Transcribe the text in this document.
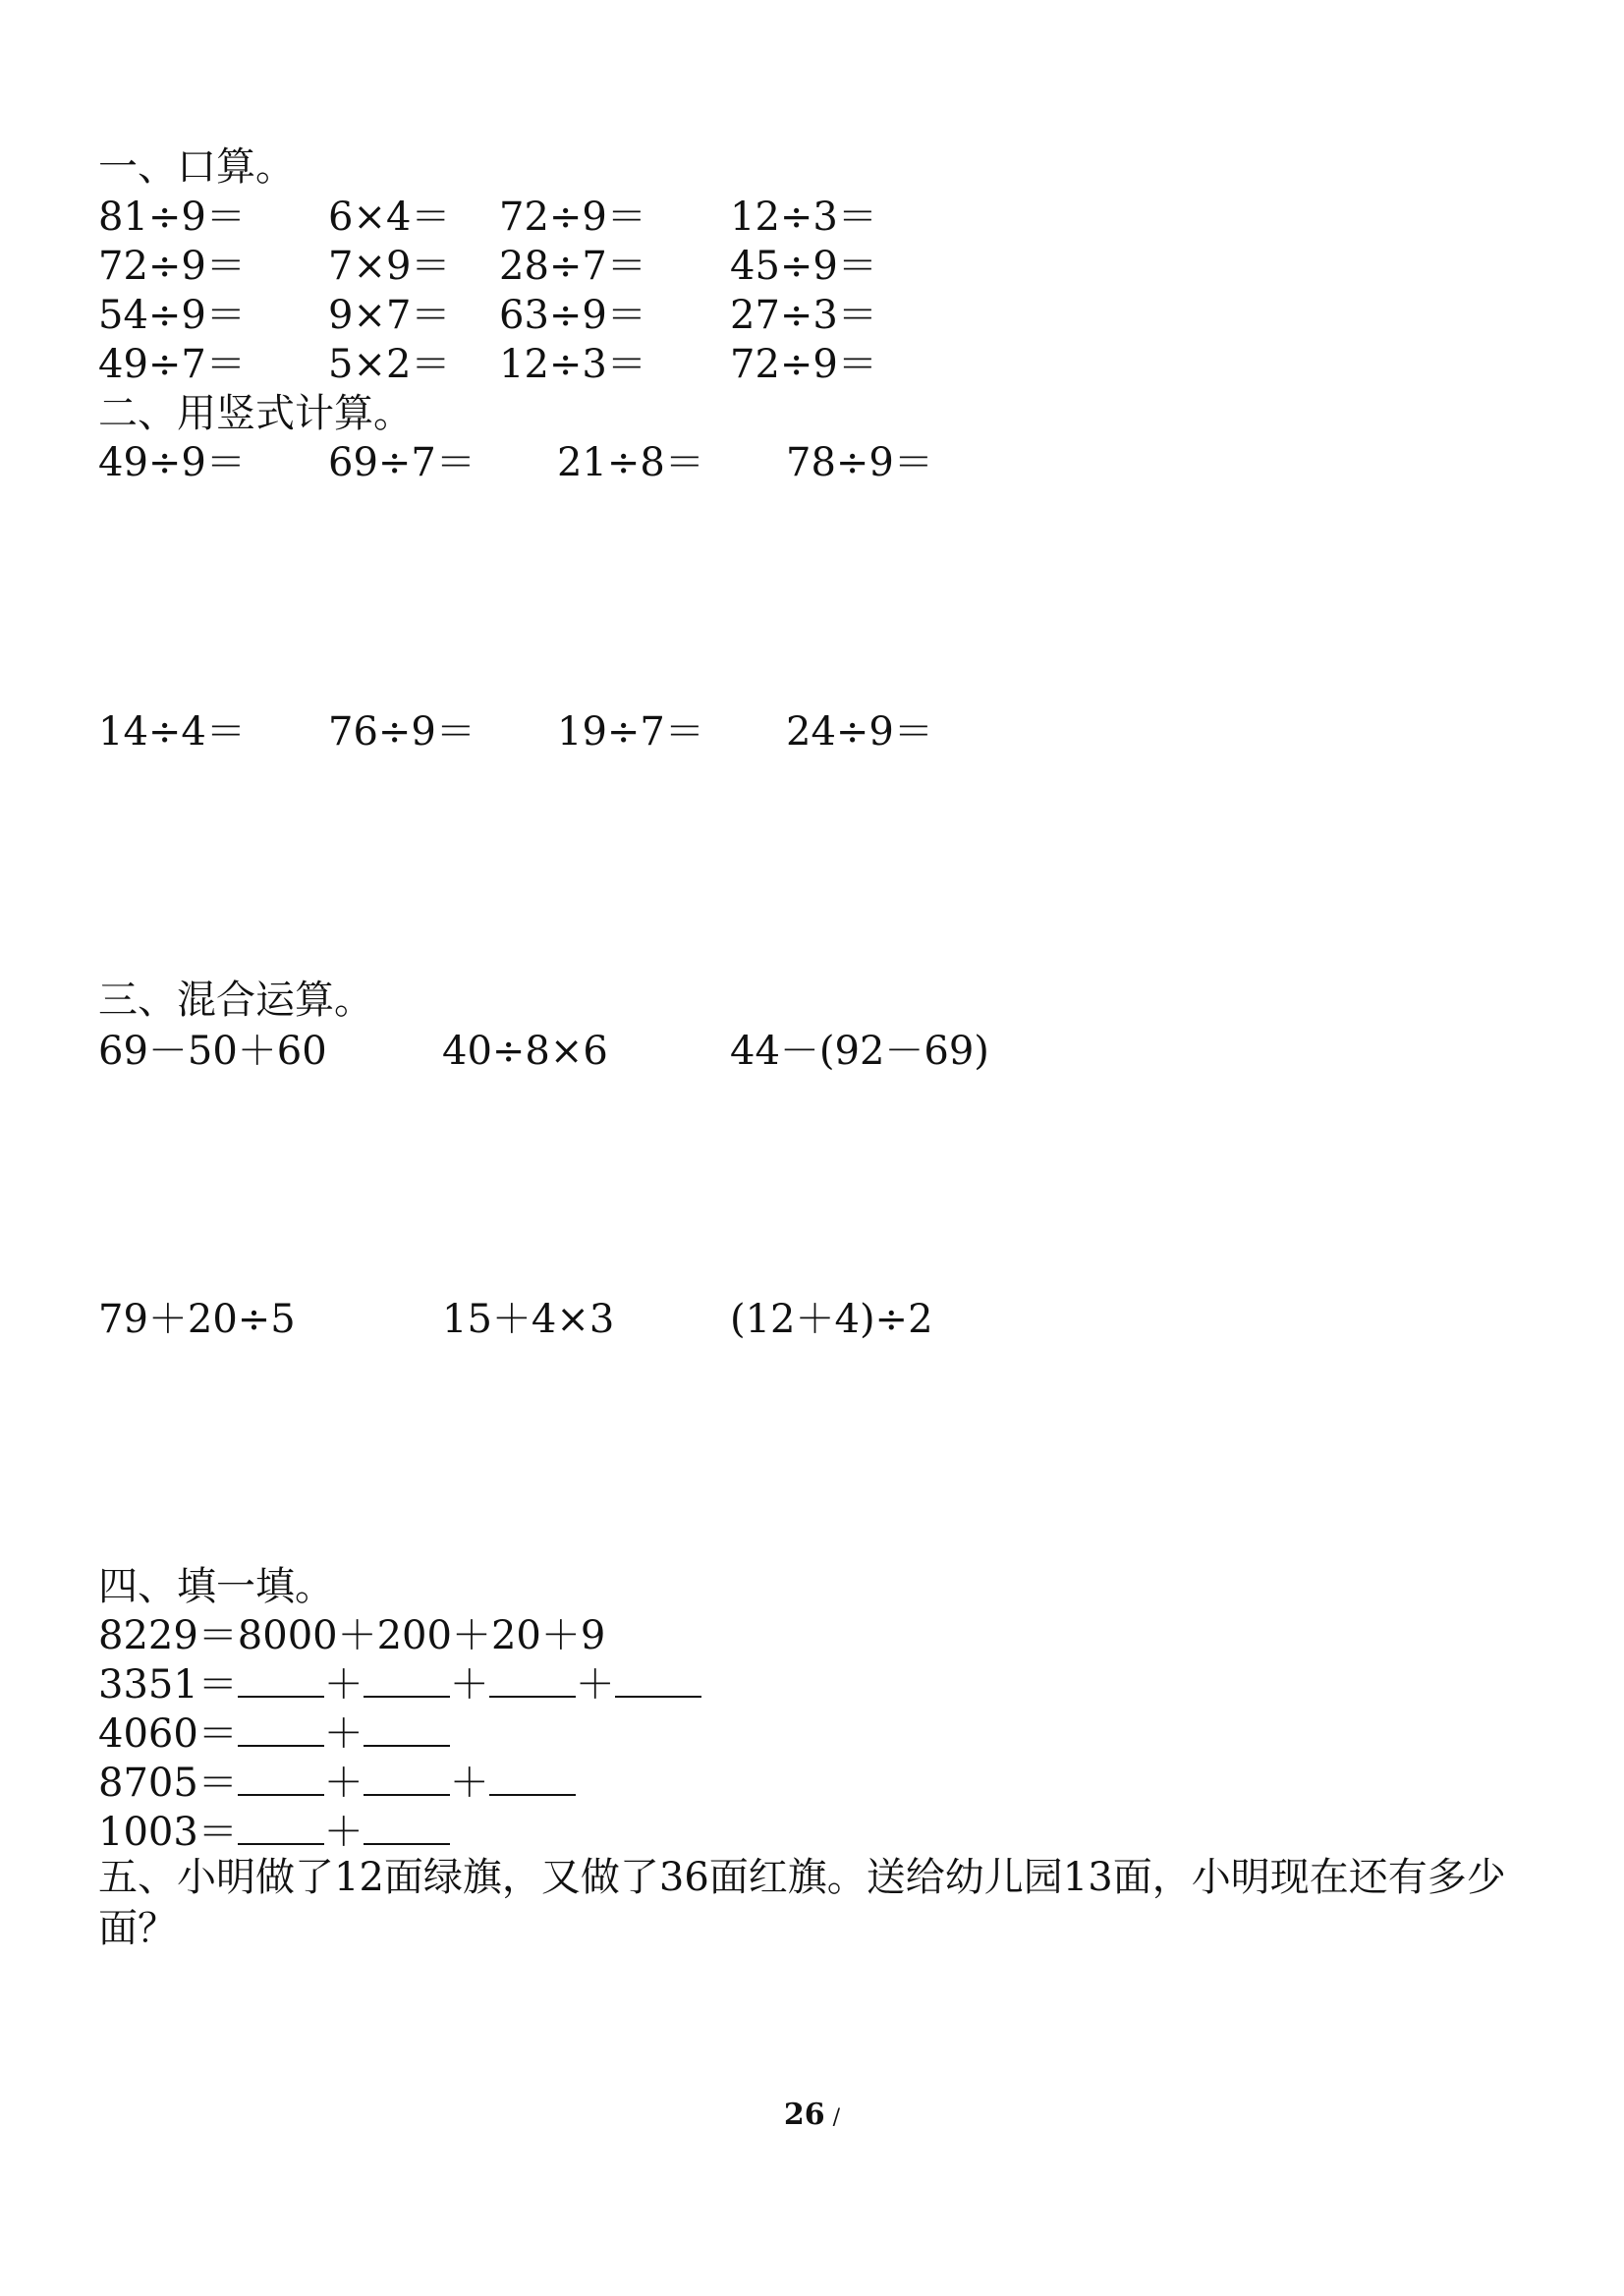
一、口算。
81÷9＝ 6×4＝ 72÷9＝ 12÷3＝
72÷9＝ 7×9＝ 28÷7＝ 45÷9＝
54÷9＝ 9×7＝ 63÷9＝ 27÷3＝
49÷7＝ 5×2＝ 12÷3＝ 72÷9＝
二、用竖式计算。
49÷9＝ 69÷7＝ 21÷8＝ 78÷9＝
14÷4＝ 76÷9＝ 19÷7＝ 24÷9＝
三、混合运算。
69－50＋60	40÷8×6	44－(92－69)
79＋20÷5	15＋4×3	(12＋4)÷2
四、填一填。
8229＝8000＋200＋20＋9
3351＝ ＋ ＋ ＋
4060＝ ＋
8705＝ ＋ ＋
1003＝ ＋
五、小明做了12面绿旗，又做了36面红旗。送给幼儿园13面，小明现在还有多少面？
26 /
